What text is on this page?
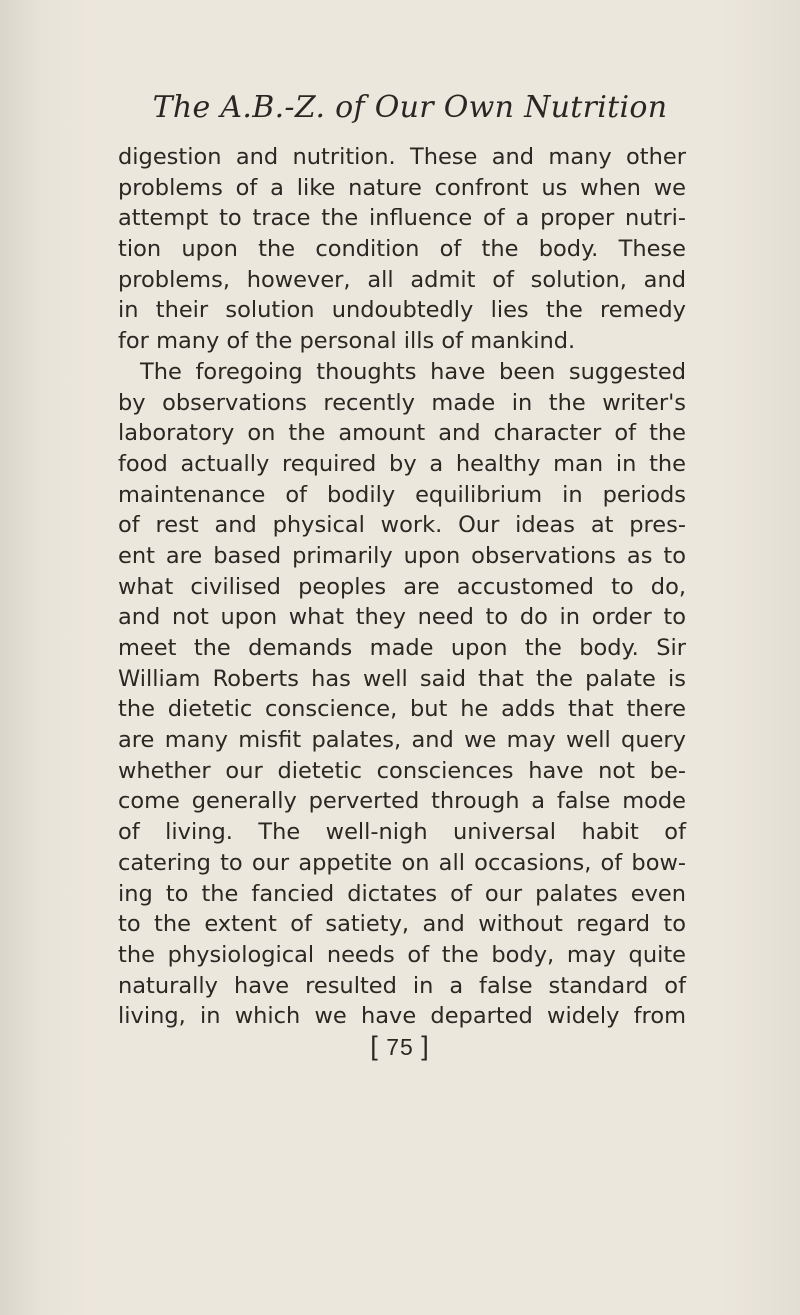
The A.B.-Z. of Our Own Nutrition
digestion and nutrition. These and many other
problems of a like nature confront us when we
attempt to trace the influence of a proper nutri-
tion upon the condition of the body. These
problems, however, all admit of solution, and
in their solution undoubtedly lies the remedy
for many of the personal ills of mankind.
The foregoing thoughts have been suggested
by observations recently made in the writer's
laboratory on the amount and character of the
food actually required by a healthy man in the
maintenance of bodily equilibrium in periods
of rest and physical work. Our ideas at pres-
ent are based primarily upon observations as to
what civilised peoples are accustomed to do,
and not upon what they need to do in order to
meet the demands made upon the body. Sir
William Roberts has well said that the palate is
the dietetic conscience, but he adds that there
are many misfit palates, and we may well query
whether our dietetic consciences have not be-
come generally perverted through a false mode
of living. The well-nigh universal habit of
catering to our appetite on all occasions, of bow-
ing to the fancied dictates of our palates even
to the extent of satiety, and without regard to
the physiological needs of the body, may quite
naturally have resulted in a false standard of
living, in which we have departed widely from
[ 75 ]
